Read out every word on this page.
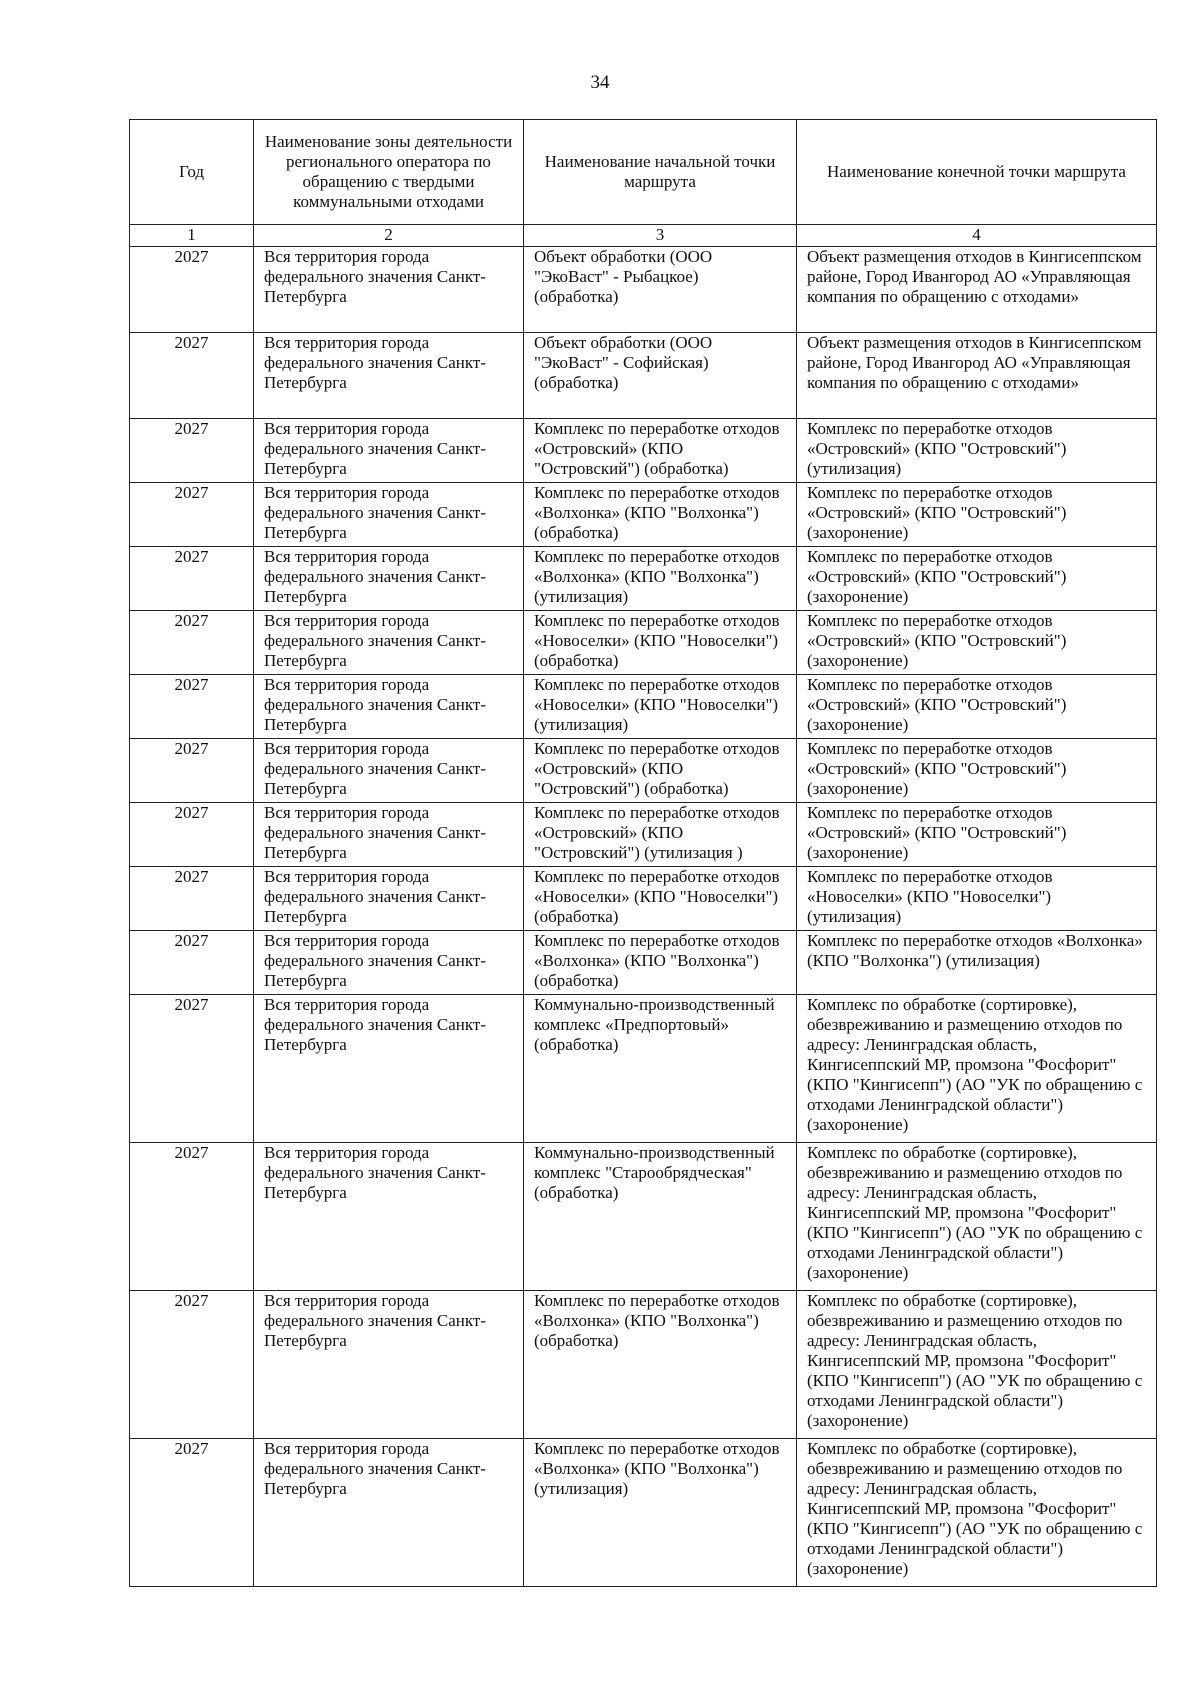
34
Год	Наименование зоны деятельности регионального оператора по обращению с твердыми коммунальными отходами	Наименование начальной точки маршрута	Наименование конечной точки маршрута
1	2	3	4
2027	Вся территория города федерального значения Санкт-Петербурга	Объект обработки (ООО "ЭкоВаст" - Рыбацкое) (обработка)	Объект размещения отходов в Кингисеппском районе, Город Ивангород АО «Управляющая компания по обращению с отходами»
2027	Вся территория города федерального значения Санкт-Петербурга	Объект обработки (ООО "ЭкоВаст" - Софийская) (обработка)	Объект размещения отходов в Кингисеппском районе, Город Ивангород АО «Управляющая компания по обращению с отходами»
2027	Вся территория города федерального значения Санкт-Петербурга	Комплекс по переработке отходов «Островский» (КПО "Островский") (обработка)	Комплекс по переработке отходов «Островский» (КПО "Островский") (утилизация)
2027	Вся территория города федерального значения Санкт-Петербурга	Комплекс по переработке отходов «Волхонка» (КПО "Волхонка") (обработка)	Комплекс по переработке отходов «Островский» (КПО "Островский") (захоронение)
2027	Вся территория города федерального значения Санкт-Петербурга	Комплекс по переработке отходов «Волхонка» (КПО "Волхонка") (утилизация)	Комплекс по переработке отходов «Островский» (КПО "Островский") (захоронение)
2027	Вся территория города федерального значения Санкт-Петербурга	Комплекс по переработке отходов «Новоселки» (КПО "Новоселки") (обработка)	Комплекс по переработке отходов «Островский» (КПО "Островский") (захоронение)
2027	Вся территория города федерального значения Санкт-Петербурга	Комплекс по переработке отходов «Новоселки» (КПО "Новоселки") (утилизация)	Комплекс по переработке отходов «Островский» (КПО "Островский") (захоронение)
2027	Вся территория города федерального значения Санкт-Петербурга	Комплекс по переработке отходов «Островский» (КПО "Островский") (обработка)	Комплекс по переработке отходов «Островский» (КПО "Островский") (захоронение)
2027	Вся территория города федерального значения Санкт-Петербурга	Комплекс по переработке отходов «Островский» (КПО "Островский") (утилизация )	Комплекс по переработке отходов «Островский» (КПО "Островский") (захоронение)
2027	Вся территория города федерального значения Санкт-Петербурга	Комплекс по переработке отходов «Новоселки» (КПО "Новоселки") (обработка)	Комплекс по переработке отходов «Новоселки» (КПО "Новоселки") (утилизация)
2027	Вся территория города федерального значения Санкт-Петербурга	Комплекс по переработке отходов «Волхонка» (КПО "Волхонка") (обработка)	Комплекс по переработке отходов «Волхонка» (КПО "Волхонка") (утилизация)
2027	Вся территория города федерального значения Санкт-Петербурга	Коммунально-производственный комплекс «Предпортовый» (обработка)	Комплекс по обработке (сортировке), обезвреживанию и размещению отходов по адресу: Ленинградская область, Кингисеппский МР, промзона "Фосфорит" (КПО "Кингисепп") (АО "УК по обращению с отходами Ленинградской области") (захоронение)
2027	Вся территория города федерального значения Санкт-Петербурга	Коммунально-производственный комплекс "Старообрядческая" (обработка)	Комплекс по обработке (сортировке), обезвреживанию и размещению отходов по адресу: Ленинградская область, Кингисеппский МР, промзона "Фосфорит" (КПО "Кингисепп") (АО "УК по обращению с отходами Ленинградской области") (захоронение)
2027	Вся территория города федерального значения Санкт-Петербурга	Комплекс по переработке отходов «Волхонка» (КПО "Волхонка") (обработка)	Комплекс по обработке (сортировке), обезвреживанию и размещению отходов по адресу: Ленинградская область, Кингисеппский МР, промзона "Фосфорит" (КПО "Кингисепп") (АО "УК по обращению с отходами Ленинградской области") (захоронение)
2027	Вся территория города федерального значения Санкт-Петербурга	Комплекс по переработке отходов «Волхонка» (КПО "Волхонка") (утилизация)	Комплекс по обработке (сортировке), обезвреживанию и размещению отходов по адресу: Ленинградская область, Кингисеппский МР, промзона "Фосфорит" (КПО "Кингисепп") (АО "УК по обращению с отходами Ленинградской области") (захоронение)
